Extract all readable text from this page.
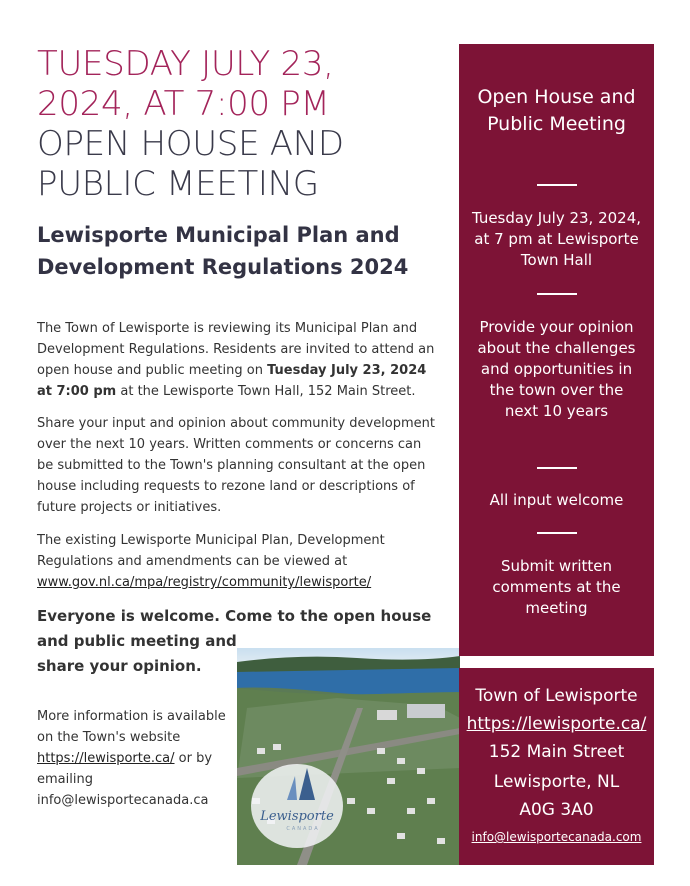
TUESDAY JULY 23, 2024, AT 7:00 PM
OPEN HOUSE AND PUBLIC MEETING
Lewisporte Municipal Plan and Development Regulations 2024
The Town of Lewisporte is reviewing its Municipal Plan and Development Regulations. Residents are invited to attend an open house and public meeting on Tuesday July 23, 2024 at 7:00 pm at the Lewisporte Town Hall, 152 Main Street.
Share your input and opinion about community development over the next 10 years. Written comments or concerns can be submitted to the Town's planning consultant at the open house including requests to rezone land or descriptions of future projects or initiatives.
The existing Lewisporte Municipal Plan, Development Regulations and amendments can be viewed at www.gov.nl.ca/mpa/registry/community/lewisporte/
Everyone is welcome. Come to the open house
and public meeting and
share your opinion.
More information is available on the Town's website https://lewisporte.ca/ or by emailing info@lewisportecanada.ca
Lewisporte
CANADA
Open House and Public Meeting
Tuesday July 23, 2024, at 7 pm at Lewisporte Town Hall
Provide your opinion about the challenges and opportunities in the town over the next 10 years
All input welcome
Submit written comments at the meeting
Town of Lewisporte
https://lewisporte.ca/
152 Main Street
Lewisporte, NL
A0G 3A0
info@lewisportecanada.com
